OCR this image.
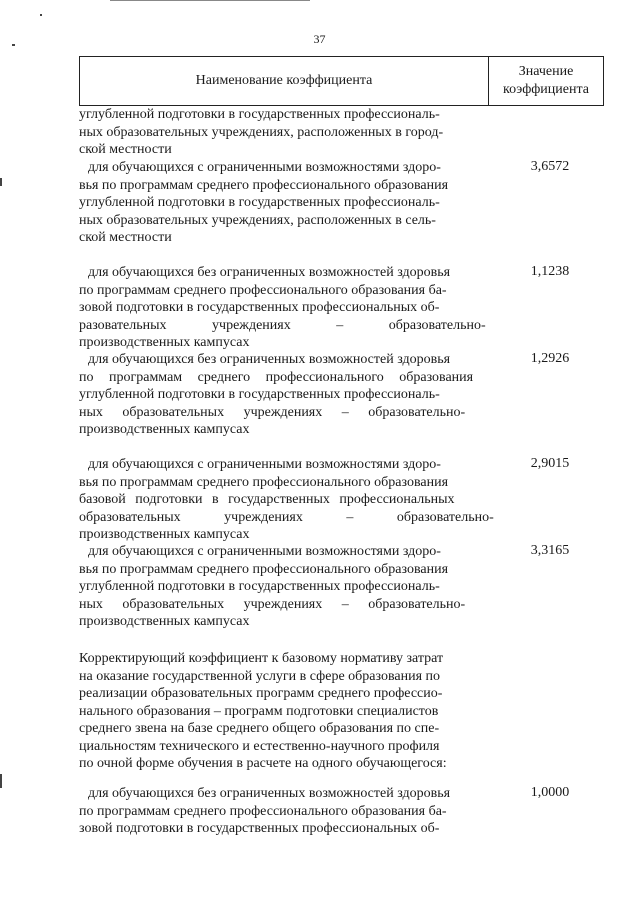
37
Наименование коэффициента
Значение
коэффициента
углубленной подготовки в государственных профессиональ-
ных образовательных учреждениях, расположенных в город-
ской местности
для обучающихся с ограниченными возможностями здоро-
вья по программам среднего профессионального образования
углубленной подготовки в государственных профессиональ-
ных образовательных учреждениях, расположенных в сель-
ской местности
3,6572
для обучающихся без ограниченных возможностей здоровья
по программам среднего профессионального образования ба-
зовой подготовки в государственных профессиональных об-
разовательных учреждениях – образовательно-
производственных кампусах
1,1238
для обучающихся без ограниченных возможностей здоровья
по программам среднего профессионального образования
углубленной подготовки в государственных профессиональ-
ных образовательных учреждениях – образовательно-
производственных кампусах
1,2926
для обучающихся с ограниченными возможностями здоро-
вья по программам среднего профессионального образования
базовой подготовки в государственных профессиональных
образовательных учреждениях – образовательно-
производственных кампусах
2,9015
для обучающихся с ограниченными возможностями здоро-
вья по программам среднего профессионального образования
углубленной подготовки в государственных профессиональ-
ных образовательных учреждениях – образовательно-
производственных кампусах
3,3165
Корректирующий коэффициент к базовому нормативу затрат
на оказание государственной услуги в сфере образования по
реализации образовательных программ среднего профессио-
нального образования – программ подготовки специалистов
среднего звена на базе среднего общего образования по спе-
циальностям технического и естественно-научного профиля
по очной форме обучения в расчете на одного обучающегося:
для обучающихся без ограниченных возможностей здоровья
по программам среднего профессионального образования ба-
зовой подготовки в государственных профессиональных об-
1,0000
